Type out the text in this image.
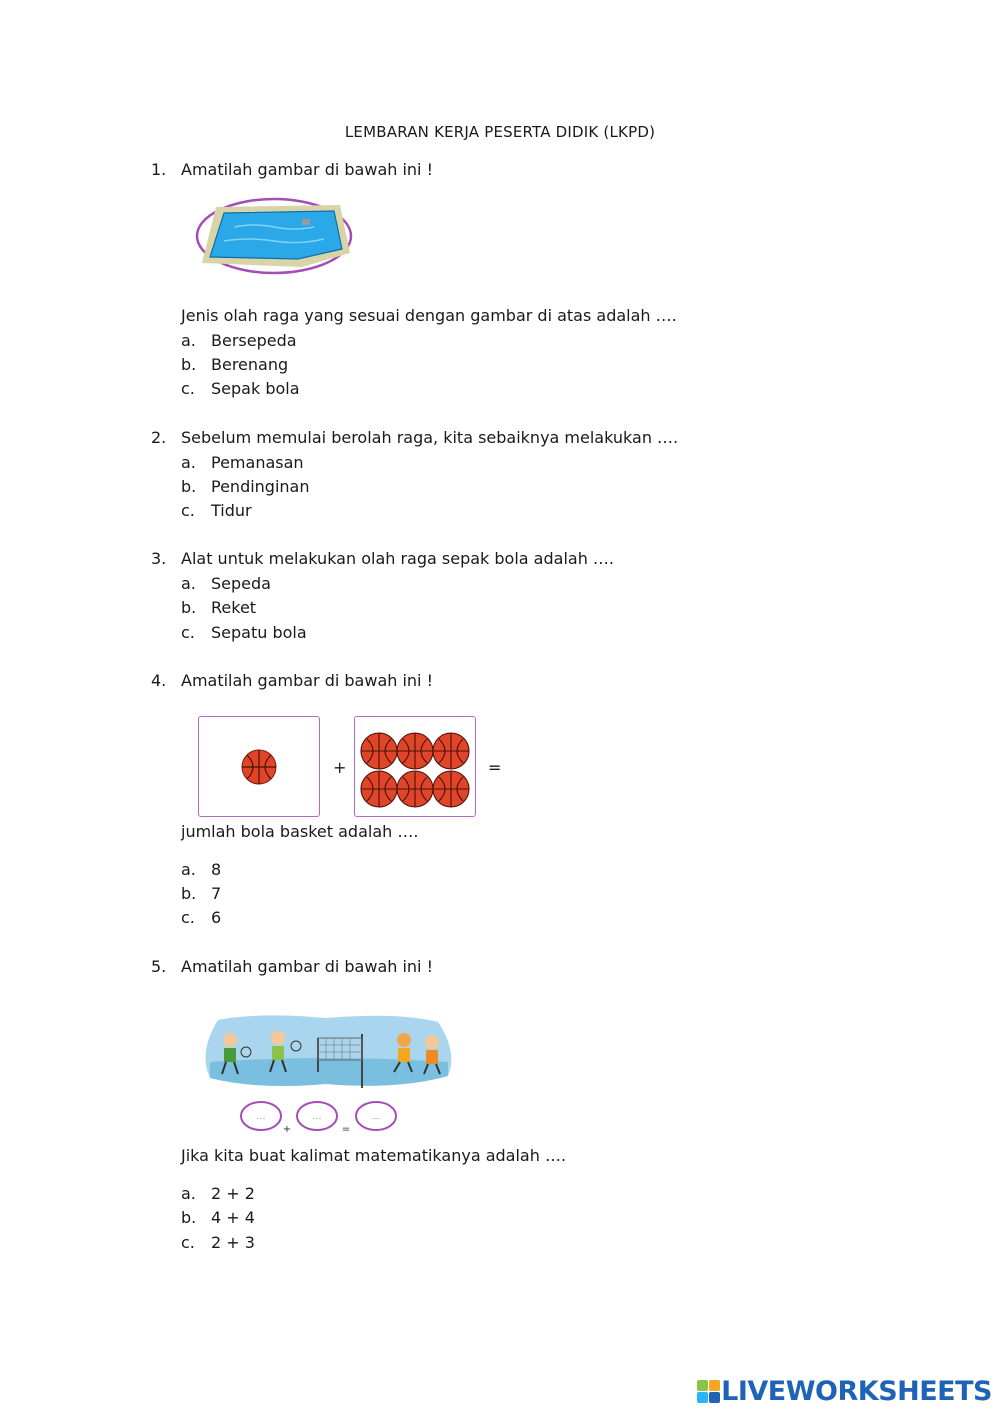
LEMBARAN KERJA PESERTA DIDIK (LKPD)
1. Amatilah gambar di bawah ini !
Jenis olah raga yang sesuai dengan gambar di atas adalah ….
a. Bersepeda
b. Berenang
c. Sepak bola
2. Sebelum memulai berolah raga, kita sebaiknya melakukan ….
a. Pemanasan
b. Pendinginan
c. Tidur
3. Alat untuk melakukan olah raga sepak bola adalah ….
a. Sepeda
b. Reket
c. Sepatu bola
4. Amatilah gambar di bawah ini !
+	=
jumlah bola basket adalah ….
a. 8
b. 7
c. 6
5. Amatilah gambar di bawah ini !
…	…	…
+	=
Jika kita buat kalimat matematikanya adalah ….
a. 2 + 2
b. 4 + 4
c. 2 + 3
LIVEWORKSHEETS
